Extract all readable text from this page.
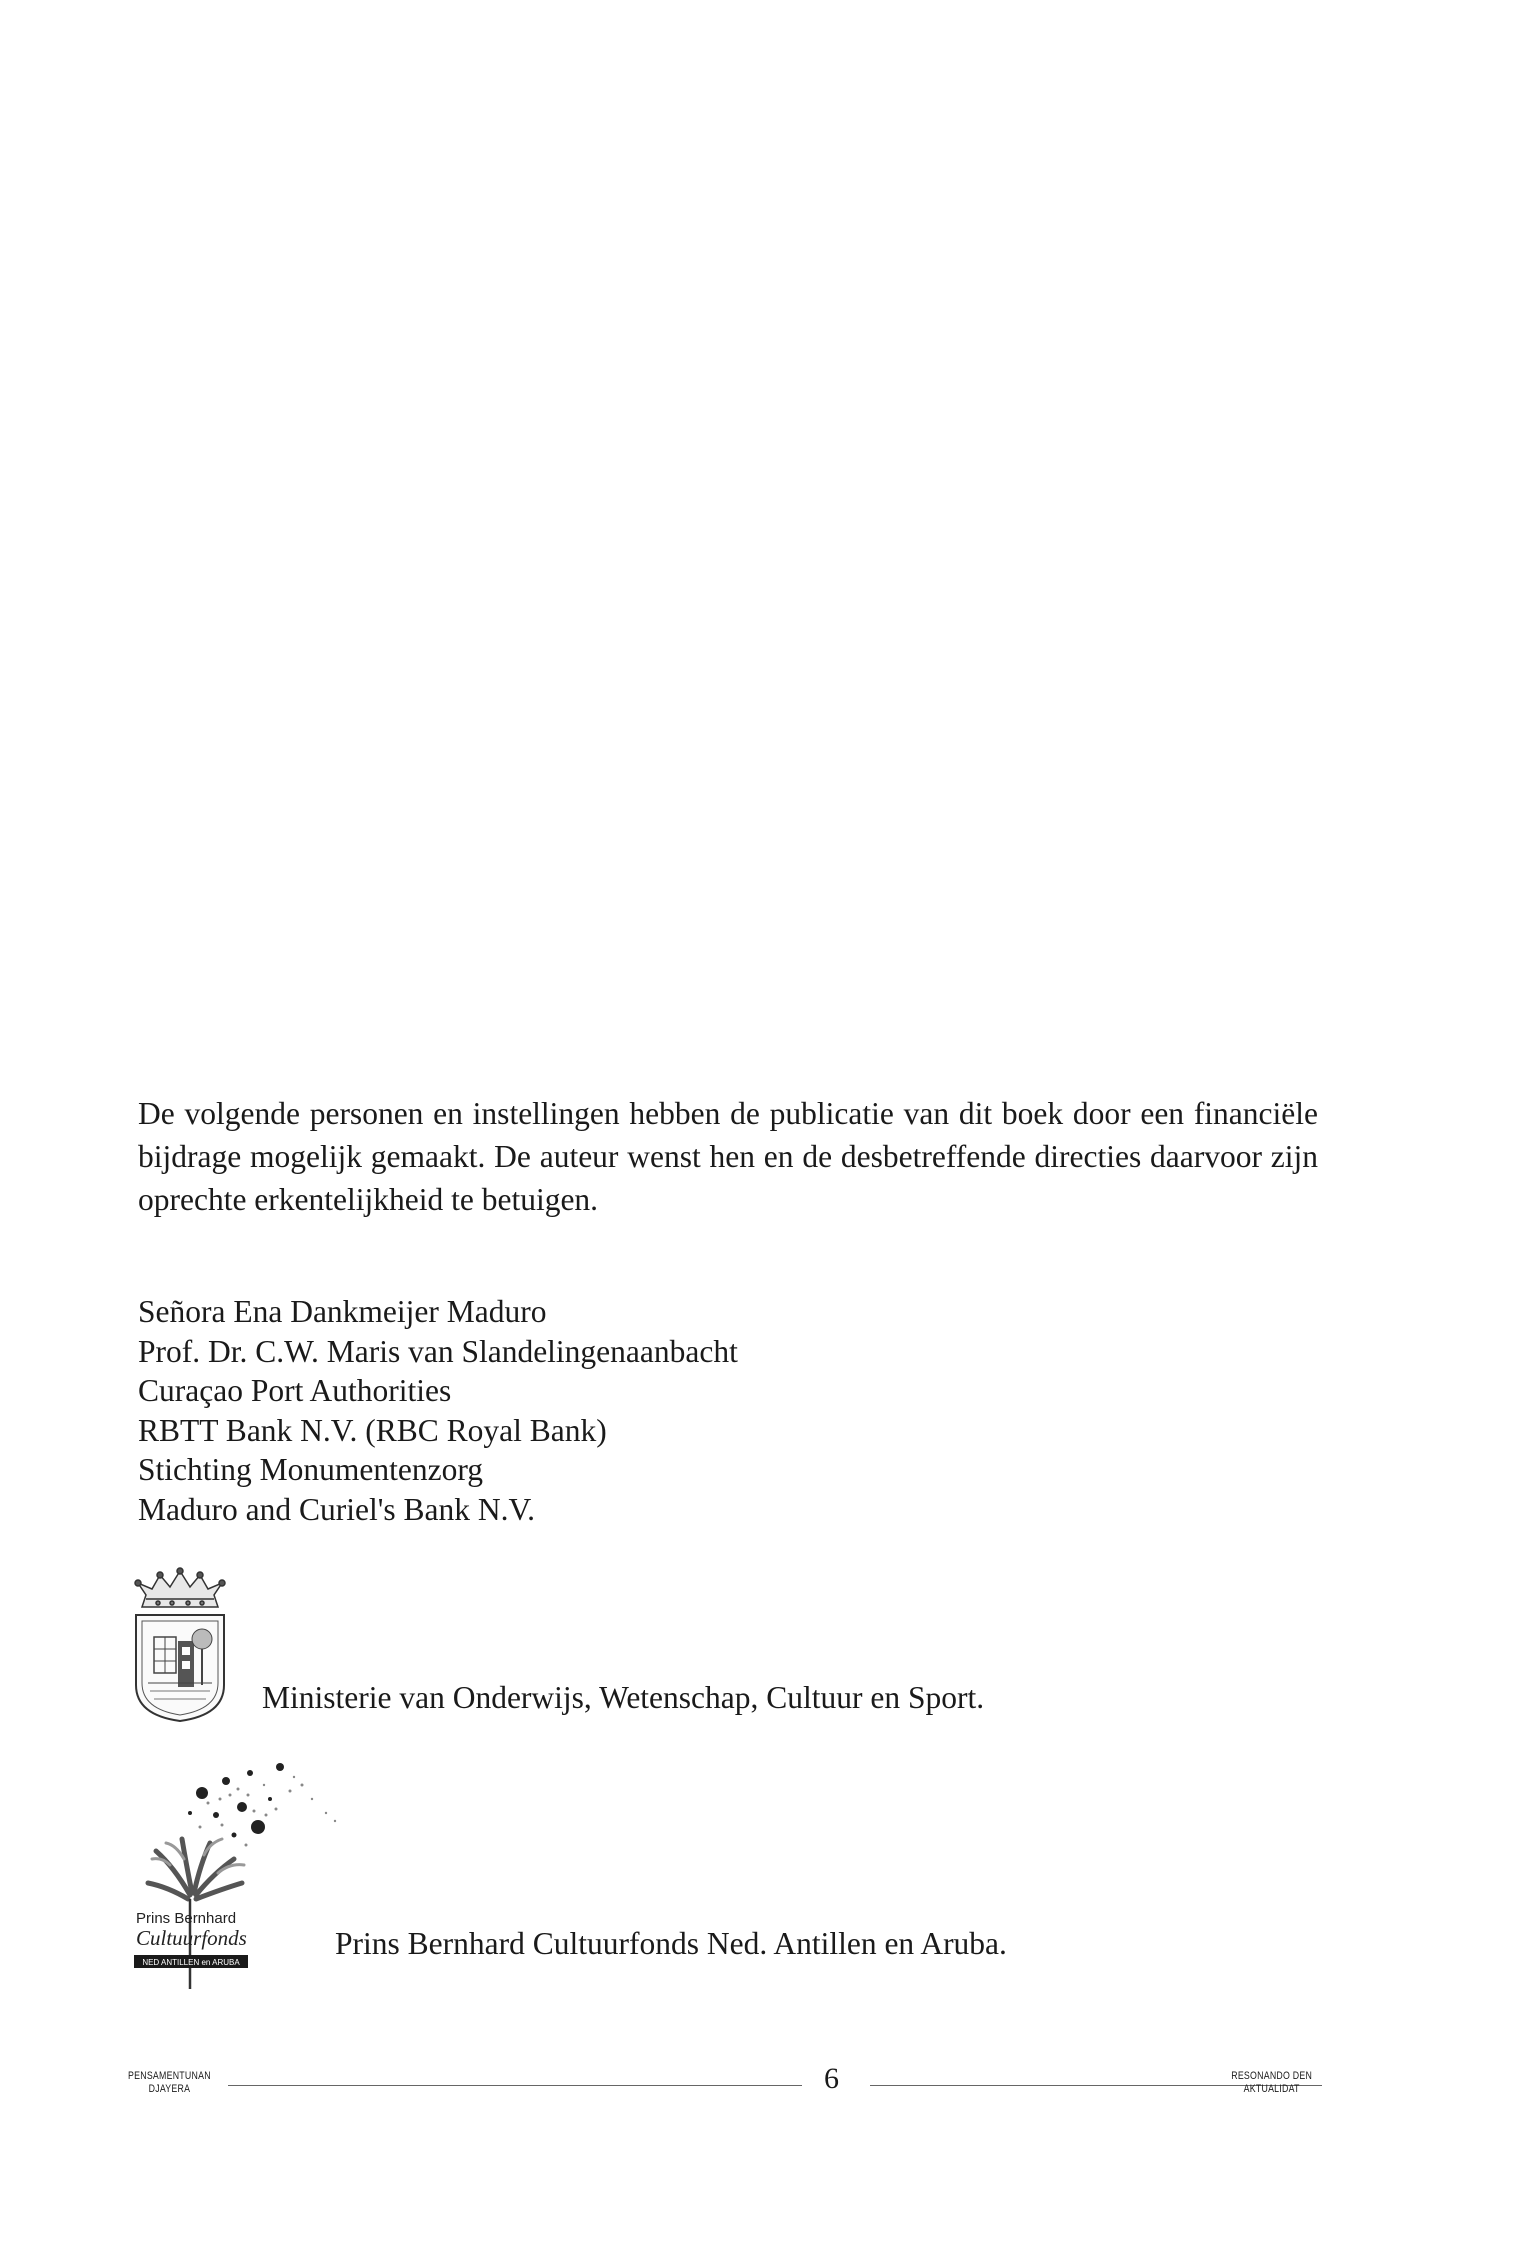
De volgende personen en instellingen hebben de publicatie van dit boek door een financiële bijdrage mogelijk gemaakt. De auteur wenst hen en de desbetreffende directies daarvoor zijn oprechte erkentelijkheid te betuigen.

Señora Ena Dankmeijer Maduro
Prof. Dr. C.W. Maris van Slandelingenaanbacht
Curaçao Port Authorities
RBTT Bank N.V. (RBC Royal Bank)
Stichting Monumentenzorg
Maduro and Curiel's Bank N.V.
Ministerie van Onderwijs, Wetenschap, Cultuur en Sport.
Prins Bernhard
Cultuurfonds
NED ANTILLEN en ARUBA
Prins Bernhard Cultuurfonds Ned. Antillen en Aruba.
PENSAMENTUNAN
DJAYERA	6	RESONANDO DEN
AKTUALIDAT
